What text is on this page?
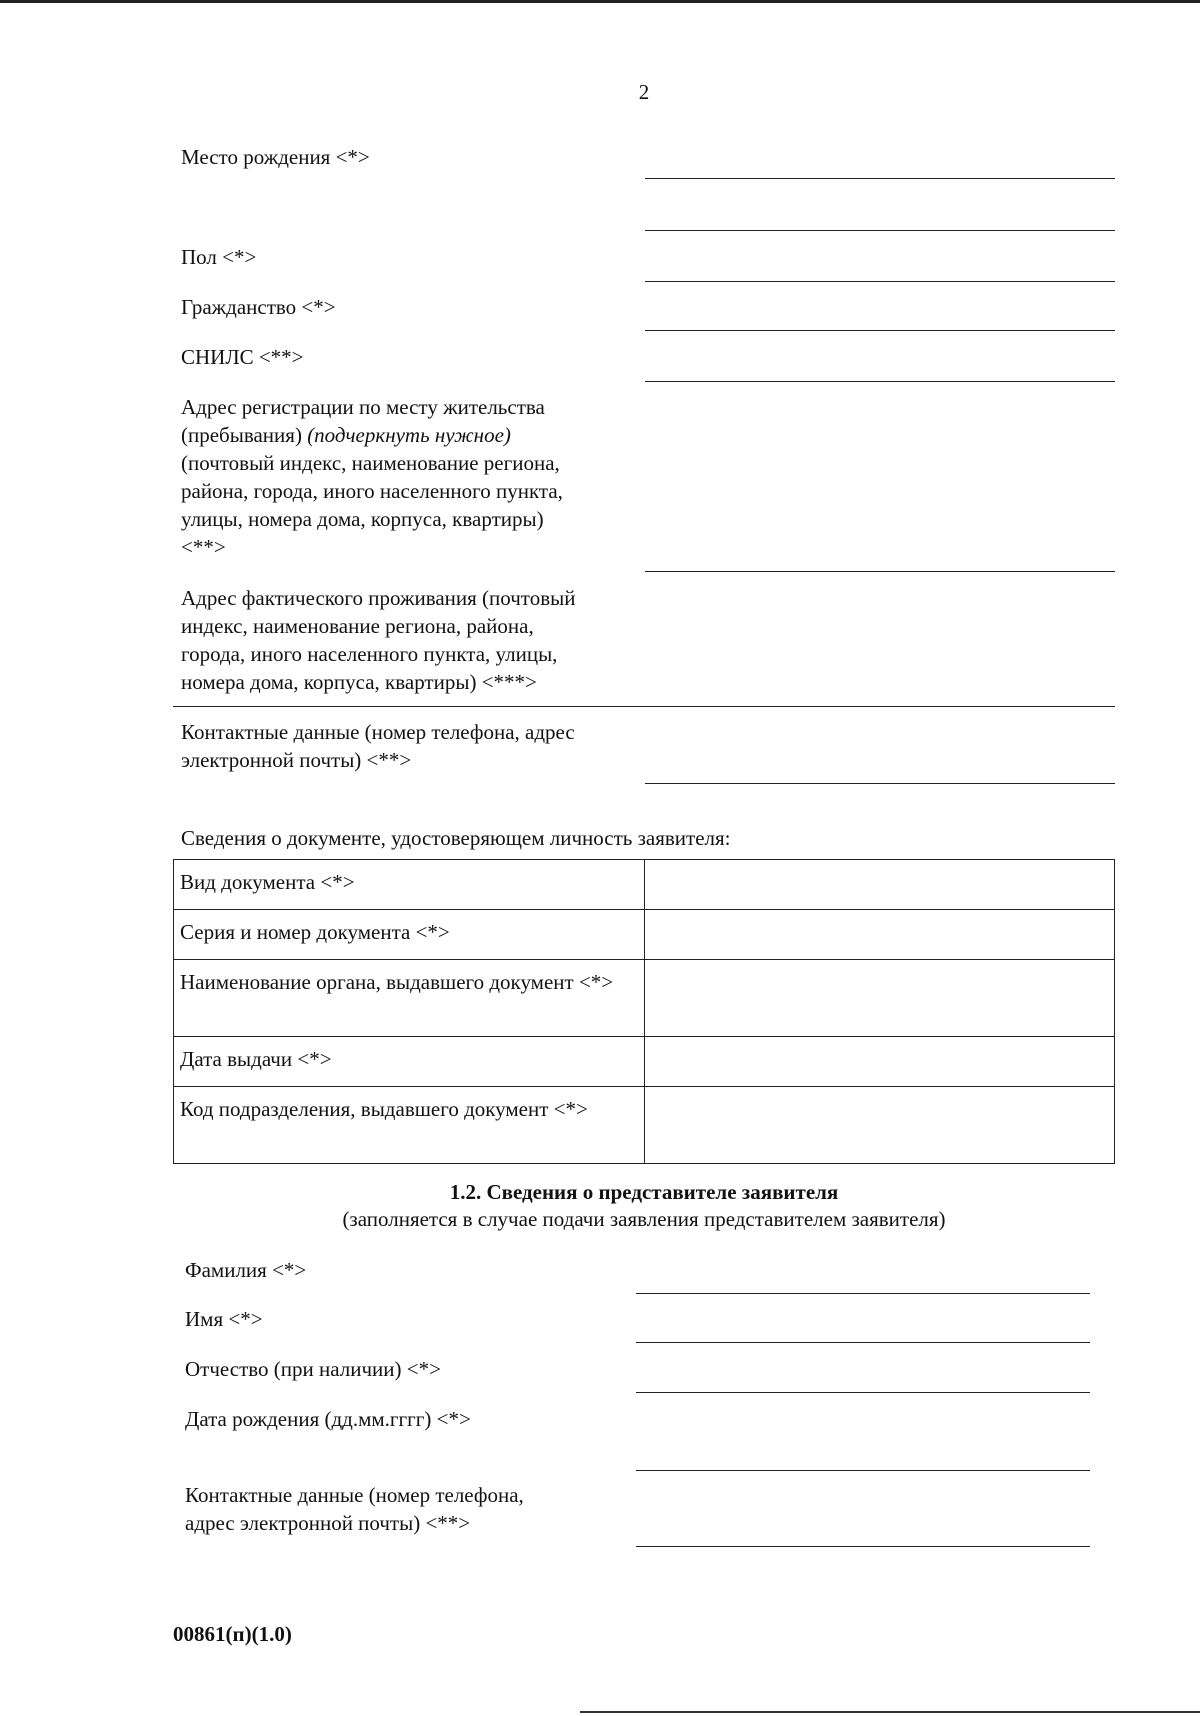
2
Место рождения <*>
Пол <*>
Гражданство <*>
СНИЛС <**>
Адрес регистрации по месту жительства
(пребывания) (подчеркнуть нужное)
(почтовый индекс, наименование региона,
района, города, иного населенного пункта,
улицы, номера дома, корпуса, квартиры)
<**>
Адрес фактического проживания (почтовый
индекс, наименование региона, района,
города, иного населенного пункта, улицы,
номера дома, корпуса, квартиры) <***>
Контактные данные (номер телефона, адрес
электронной почты) <**>
Сведения о документе, удостоверяющем личность заявителя:
Вид документа <*>	
Серия и номер документа <*>	
Наименование органа, выдавшего документ <*>	
Дата выдачи <*>	
Код подразделения, выдавшего документ <*>	
1.2. Сведения о представителе заявителя
(заполняется в случае подачи заявления представителем заявителя)
Фамилия <*>
Имя <*>
Отчество (при наличии) <*>
Дата рождения (дд.мм.гггг) <*>
Контактные данные (номер телефона,
адрес электронной почты) <**>
00861(п)(1.0)
